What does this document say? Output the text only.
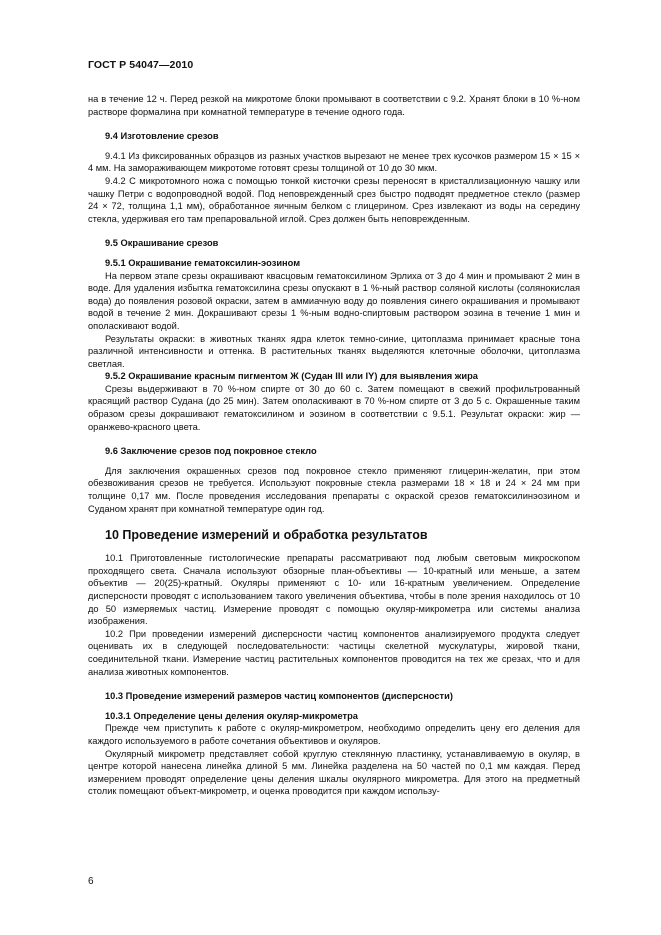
ГОСТ Р 54047—2010

на в течение 12 ч. Перед резкой на микротоме блоки промывают в соответствии с 9.2. Хранят блоки в 10 %-ном растворе формалина при комнатной температуре в течение одного года.

9.4 Изготовление срезов

9.4.1 Из фиксированных образцов из разных участков вырезают не менее трех кусочков размером 15 × 15 × 4 мм. На замораживающем микротоме готовят срезы толщиной от 10 до 30 мкм.

9.4.2 С микротомного ножа с помощью тонкой кисточки срезы переносят в кристаллизационную чашку или чашку Петри с водопроводной водой. Под неповрежденный срез быстро подводят предметное стекло (размер 24 × 72, толщина 1,1 мм), обработанное яичным белком с глицерином. Срез извлекают из воды на середину стекла, удерживая его там препаровальной иглой. Срез должен быть неповрежденным.

9.5 Окрашивание срезов
9.5.1 Окрашивание гематоксилин-эозином

На первом этапе срезы окрашивают квасцовым гематоксилином Эрлиха от 3 до 4 мин и промывают 2 мин в воде. Для удаления избытка гематоксилина срезы опускают в 1 %-ный раствор соляной кислоты (солянокислая вода) до появления розовой окраски, затем в аммиачную воду до появления синего окрашивания и промывают водой в течение 2 мин. Докрашивают срезы 1 %-ным водно-спиртовым раствором эозина в течение 1 мин и ополаскивают водой.

Результаты окраски: в животных тканях ядра клеток темно-синие, цитоплазма принимает красные тона различной интенсивности и оттенка. В растительных тканях выделяются клеточные оболочки, цитоплазма светлая.

9.5.2 Окрашивание красным пигментом Ж (Судан III или IY) для выявления жира

Срезы выдерживают в 70 %-ном спирте от 30 до 60 с. Затем помещают в свежий профильтрованный красящий раствор Судана (до 25 мин). Затем ополаскивают в 70 %-ном спирте от 3 до 5 с. Окрашенные таким образом срезы докрашивают гематоксилином и эозином в соответствии с 9.5.1. Результат окраски: жир — оранжево-красного цвета.

9.6 Заключение срезов под покровное стекло

Для заключения окрашенных срезов под покровное стекло применяют глицерин-желатин, при этом обезвоживания срезов не требуется. Используют покровные стекла размерами 18 × 18 и 24 × 24 мм при толщине 0,17 мм. После проведения исследования препараты с окраской срезов гематоксилинэозином и Суданом хранят при комнатной температуре один год.

10 Проведение измерений и обработка результатов

10.1 Приготовленные гистологические препараты рассматривают под любым световым микроскопом проходящего света. Сначала используют обзорные план-объективы — 10-кратный или меньше, а затем объектив — 20(25)-кратный. Окуляры применяют с 10- или 16-кратным увеличением. Определение дисперсности проводят с использованием такого увеличения объектива, чтобы в поле зрения находилось от 10 до 50 измеряемых частиц. Измерение проводят с помощью окуляр-микрометра или системы анализа изображения.

10.2 При проведении измерений дисперсности частиц компонентов анализируемого продукта следует оценивать их в следующей последовательности: частицы скелетной мускулатуры, жировой ткани, соединительной ткани. Измерение частиц растительных компонентов проводится на тех же срезах, что и для анализа животных компонентов.

10.3 Проведение измерений размеров частиц компонентов (дисперсности)
10.3.1 Определение цены деления окуляр-микрометра

Прежде чем приступить к работе с окуляр-микрометром, необходимо определить цену его деления для каждого используемого в работе сочетания объективов и окуляров.

Окулярный микрометр представляет собой круглую стеклянную пластинку, устанавливаемую в окуляр, в центре которой нанесена линейка длиной 5 мм. Линейка разделена на 50 частей по 0,1 мм каждая. Перед измерением проводят определение цены деления шкалы окулярного микрометра. Для этого на предметный столик помещают объект-микрометр, и оценка проводится при каждом использу-

6
